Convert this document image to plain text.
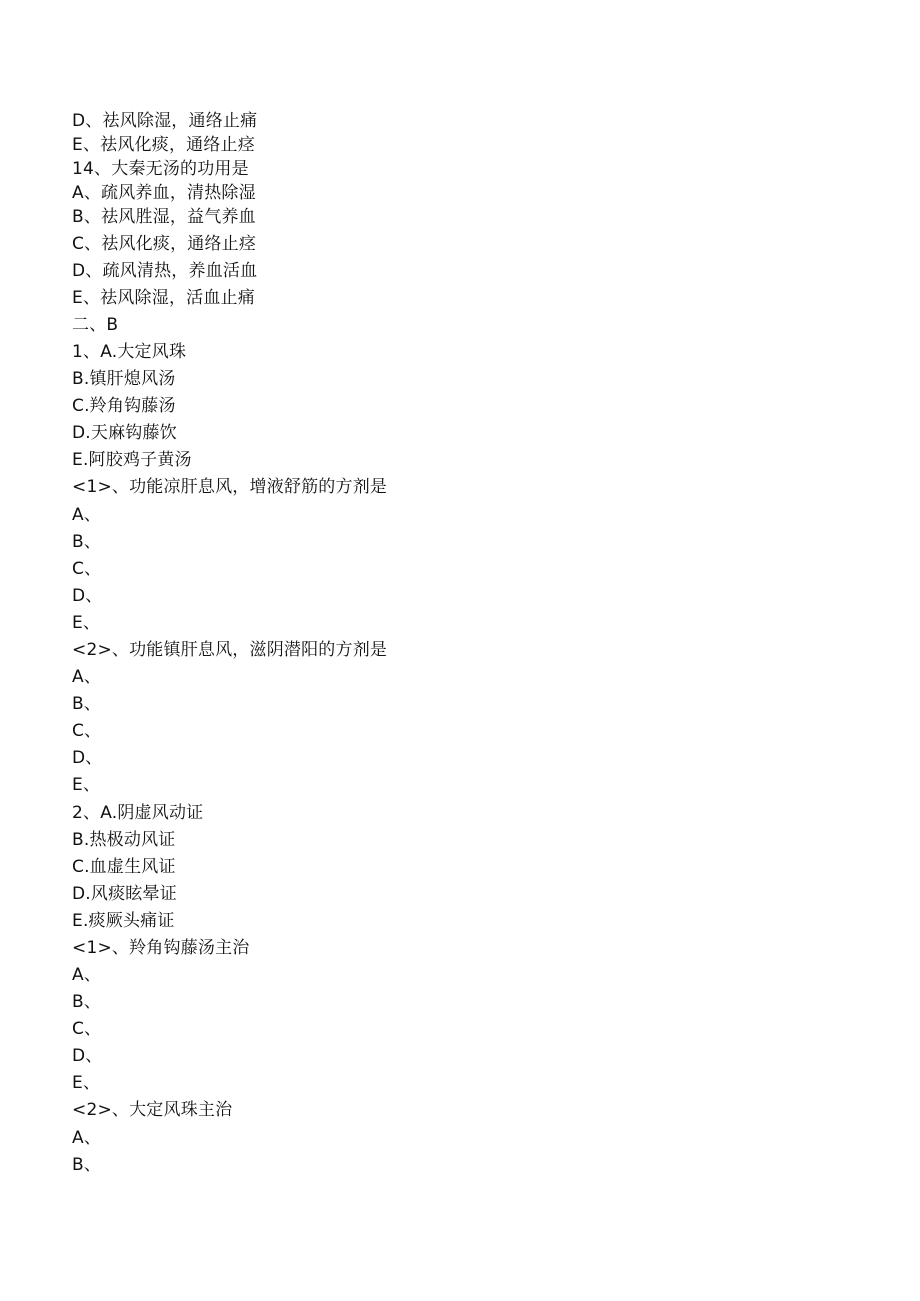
D、祛风除湿，通络止痛
E、祛风化痰，通络止痉
14、大秦无汤的功用是
A、疏风养血，清热除湿
B、祛风胜湿，益气养血
C、祛风化痰，通络止痉
D、疏风清热，养血活血
E、祛风除湿，活血止痛
二、B
1、A.大定风珠
B.镇肝熄风汤
C.羚角钩藤汤
D.天麻钩藤饮
E.阿胶鸡子黄汤
<1>、功能凉肝息风，增液舒筋的方剂是
A、
B、
C、
D、
E、
<2>、功能镇肝息风，滋阴潜阳的方剂是
A、
B、
C、
D、
E、
2、A.阴虚风动证
B.热极动风证
C.血虚生风证
D.风痰眩晕证
E.痰厥头痛证
<1>、羚角钩藤汤主治
A、
B、
C、
D、
E、
<2>、大定风珠主治
A、
B、
